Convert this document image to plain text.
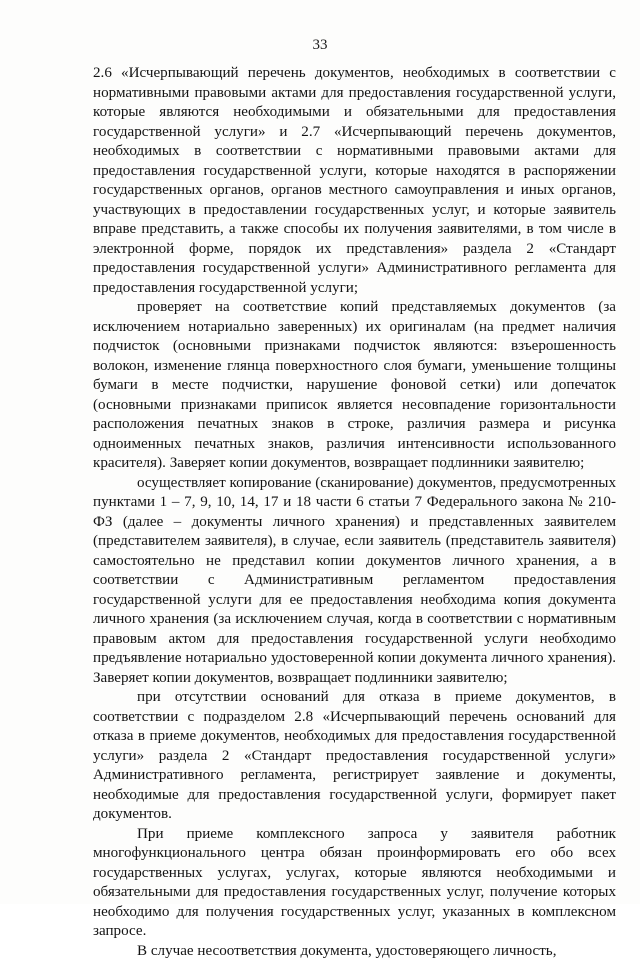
33

2.6 «Исчерпывающий перечень документов, необходимых в соответствии с нормативными правовыми актами для предоставления государственной услуги, которые являются необходимыми и обязательными для предоставления государственной услуги» и 2.7 «Исчерпывающий перечень документов, необходимых в соответствии с нормативными правовыми актами для предоставления государственной услуги, которые находятся в распоряжении государственных органов, органов местного самоуправления и иных органов, участвующих в предоставлении государственных услуг, и которые заявитель вправе представить, а также способы их получения заявителями, в том числе в электронной форме, порядок их представления» раздела 2 «Стандарт предоставления государственной услуги» Административного регламента для предоставления государственной услуги;

проверяет на соответствие копий представляемых документов (за исключением нотариально заверенных) их оригиналам (на предмет наличия подчисток (основными признаками подчисток являются: взъерошенность волокон, изменение глянца поверхностного слоя бумаги, уменьшение толщины бумаги в месте подчистки, нарушение фоновой сетки) или допечаток (основными признаками приписок является несовпадение горизонтальности расположения печатных знаков в строке, различия размера и рисунка одноименных печатных знаков, различия интенсивности использованного красителя). Заверяет копии документов, возвращает подлинники заявителю;

осуществляет копирование (сканирование) документов, предусмотренных пунктами 1 – 7, 9, 10, 14, 17 и 18 части 6 статьи 7 Федерального закона № 210-ФЗ (далее – документы личного хранения) и представленных заявителем (представителем заявителя), в случае, если заявитель (представитель заявителя) самостоятельно не представил копии документов личного хранения, а в соответствии с Административным регламентом предоставления государственной услуги для ее предоставления необходима копия документа личного хранения (за исключением случая, когда в соответствии с нормативным правовым актом для предоставления государственной услуги необходимо предъявление нотариально удостоверенной копии документа личного хранения). Заверяет копии документов, возвращает подлинники заявителю;

при отсутствии оснований для отказа в приеме документов, в соответствии с подразделом 2.8 «Исчерпывающий перечень оснований для отказа в приеме документов, необходимых для предоставления государственной услуги» раздела 2 «Стандарт предоставления государственной услуги» Административного регламента, регистрирует заявление и документы, необходимые для предоставления государственной услуги, формирует пакет документов.

При приеме комплексного запроса у заявителя работник многофункционального центра обязан проинформировать его обо всех государственных услугах, услугах, которые являются необходимыми и обязательными для предоставления государственных услуг, получение которых необходимо для получения государственных услуг, указанных в комплексном запросе.

В случае несоответствия документа, удостоверяющего личность,
